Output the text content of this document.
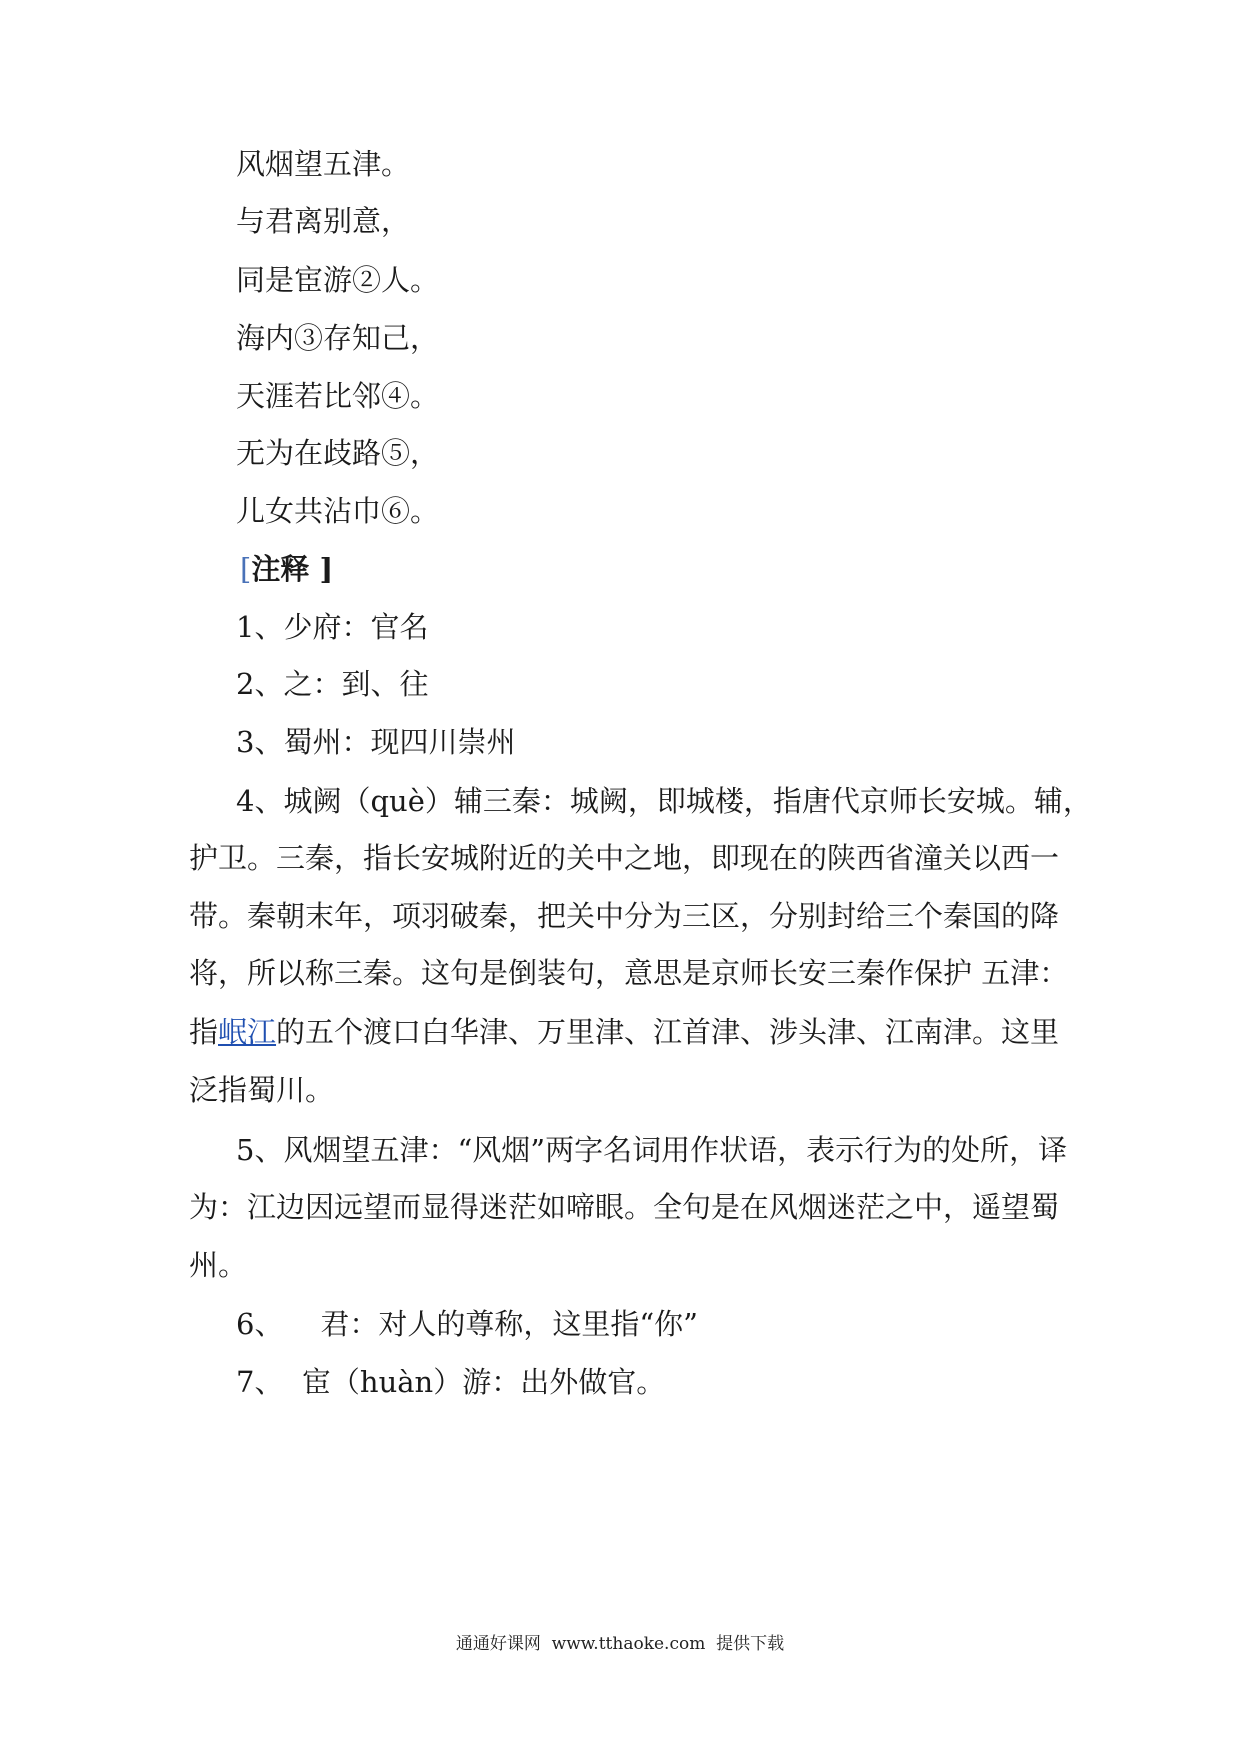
风烟望五津。

与君离别意，

同是宦游②人。

海内③存知己，

天涯若比邻④。

无为在歧路⑤，

儿女共沾巾⑥。

[注释 ]

1、少府：官名

2、之：到、往

3、蜀州：现四川崇州

4、城阙（què）辅三秦：城阙，即城楼，指唐代京师长安城。辅，

护卫。三秦，指长安城附近的关中之地，即现在的陕西省潼关以西一

带。秦朝末年，项羽破秦，把关中分为三区，分别封给三个秦国的降

将，所以称三秦。这句是倒装句，意思是京师长安三秦作保护 五津：

指岷江的五个渡口白华津、万里津、江首津、涉头津、江南津。这里

泛指蜀川。

5、风烟望五津：“风烟”两字名词用作状语，表示行为的处所，译

为：江边因远望而显得迷茫如啼眼。全句是在风烟迷茫之中，遥望蜀

州。

6、    君：对人的尊称，这里指“你”

7、  宦（huàn）游：出外做官。

通通好课网  www.tthaoke.com  提供下载
